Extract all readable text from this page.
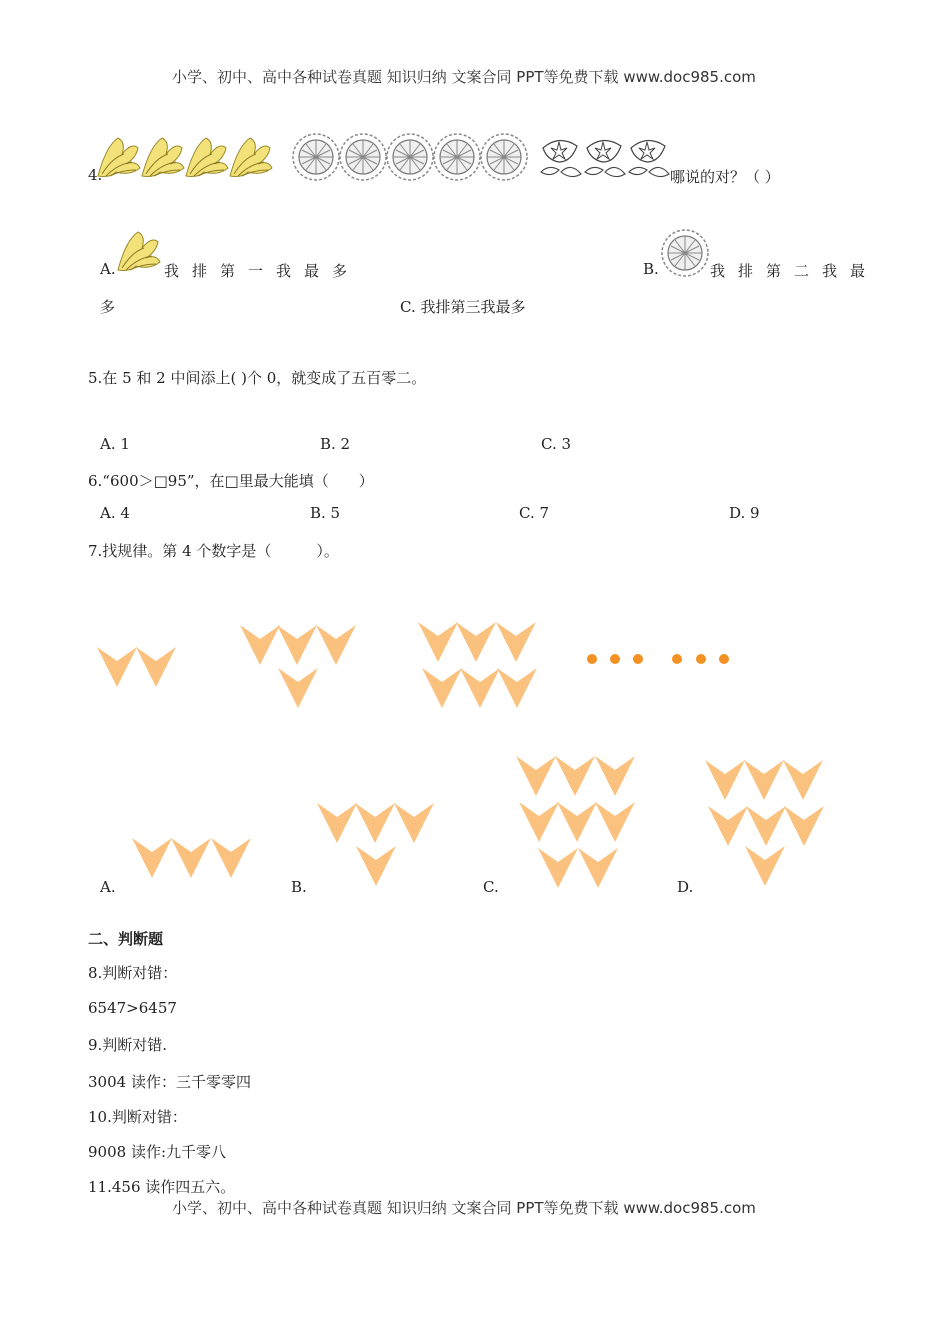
小学、初中、高中各种试卷真题 知识归纳 文案合同 PPT等免费下载 www.doc985.com
4.	哪说的对？（ ）
A.	我排第一我最多	B.	我排第二我最
多	C. 我排第三我最多
5.在 5 和 2 中间添上( )个 0，就变成了五百零二。
A. 1	B. 2	C. 3
6.“600＞□95”，在□里最大能填（　　）
A. 4	B. 5	C. 7	D. 9
7.找规律。第 4 个数字是（　　　）。
A.	B.	C.	D.
二、判断题
8.判断对错：
6547>6457
9.判断对错.
3004 读作：三千零零四
10.判断对错：
9008 读作:九千零八
11.456 读作四五六。
小学、初中、高中各种试卷真题 知识归纳 文案合同 PPT等免费下载 www.doc985.com
